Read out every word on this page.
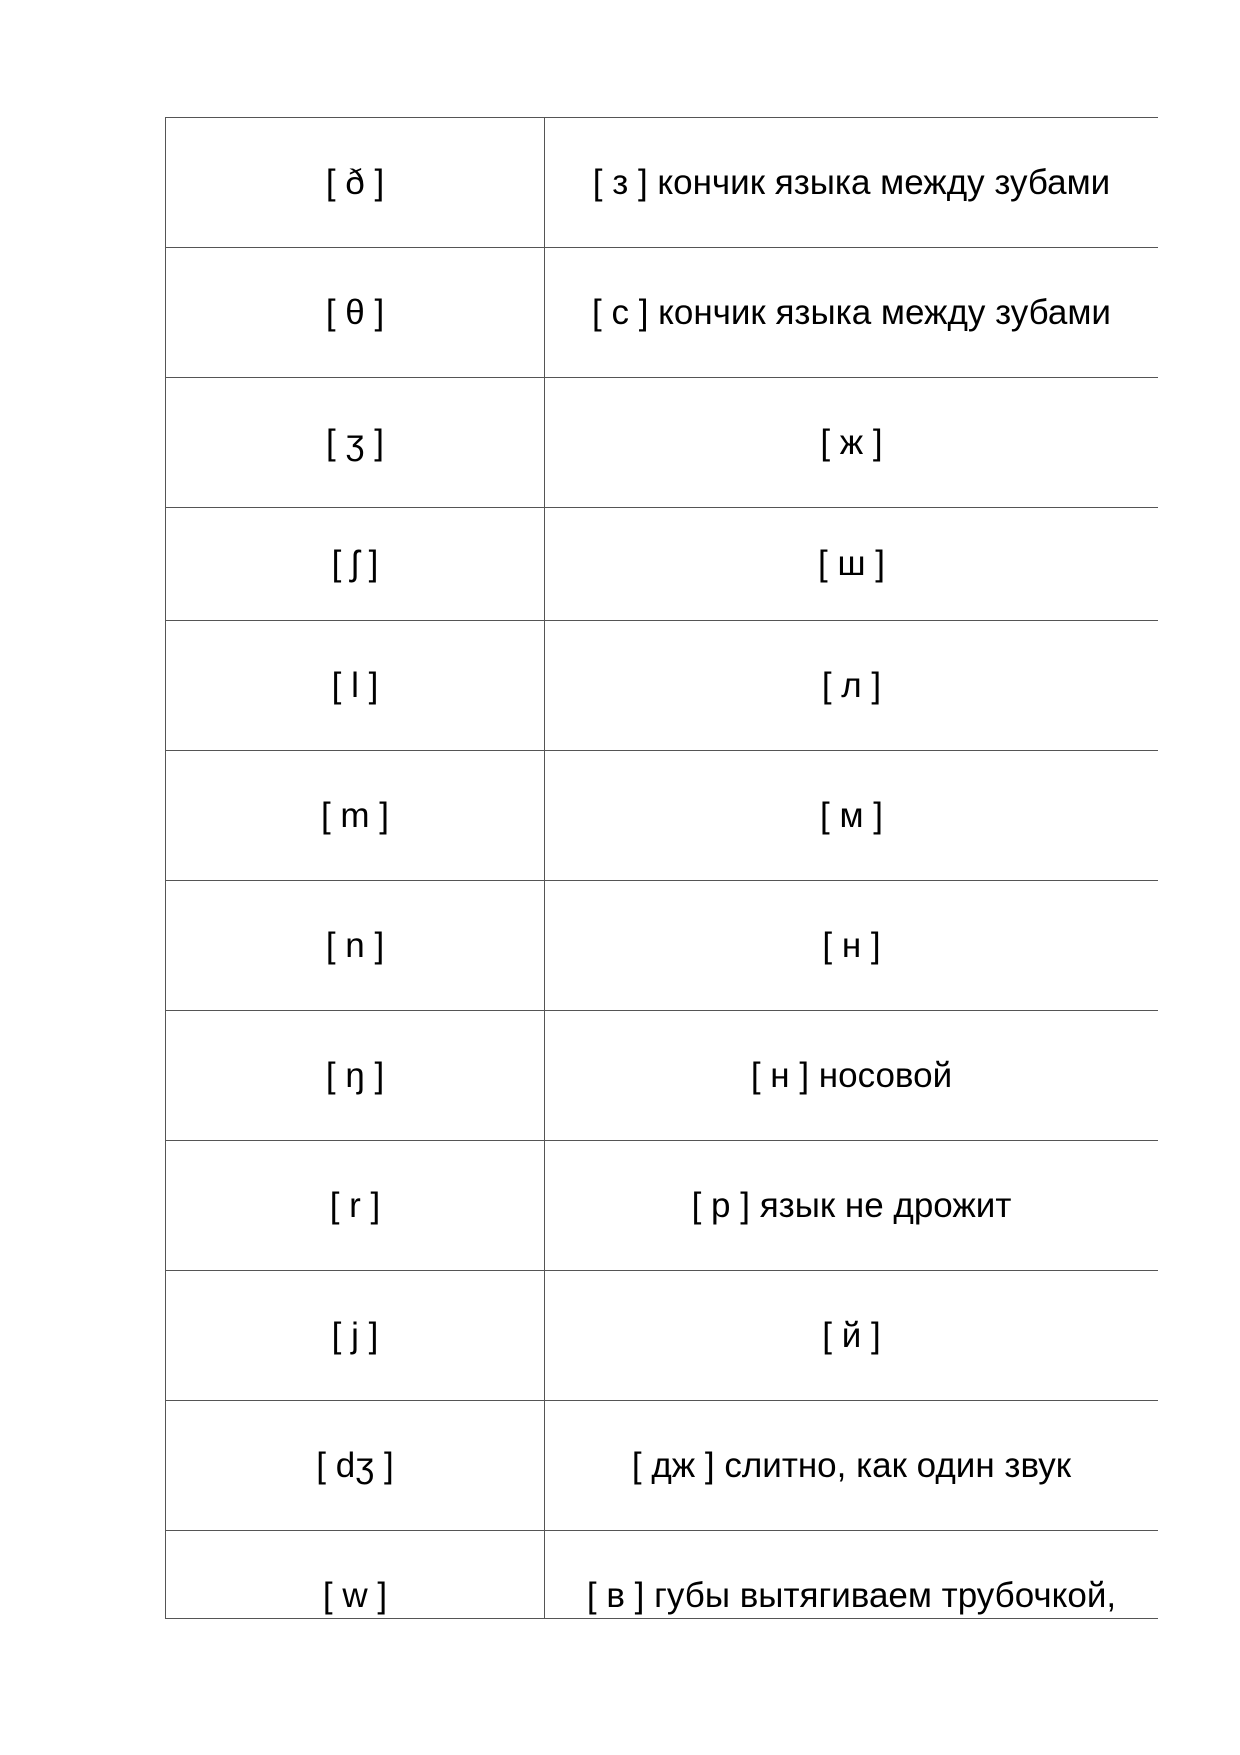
[ ð ]	[ з ] кончик языка между зубами
[ θ ]	[ с ] кончик языка между зубами
[ ʒ ]	[ ж ]
[ ʃ ]	[ ш ]
[ l ]	[ л ]
[ m ]	[ м ]
[ n ]	[ н ]
[ ŋ ]	[ н ] носовой
[ r ]	[ р ] язык не дрожит
[ j ]	[ й ]
[ dʒ ]	[ дж ] слитно, как один звук
[ w ]	[ в ] губы вытягиваем трубочкой,
